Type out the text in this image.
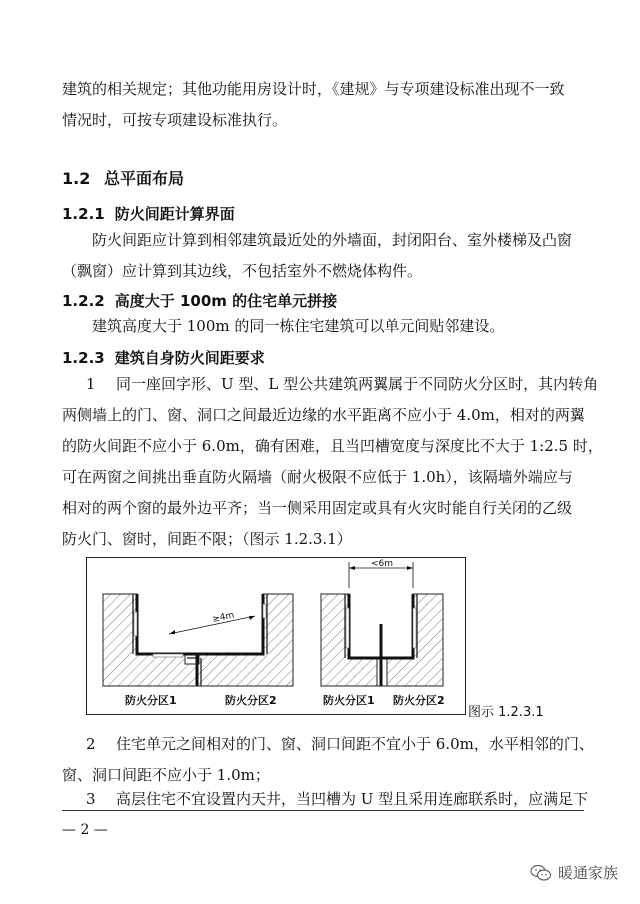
建筑的相关规定；其他功能用房设计时，《建规》与专项建设标准出现不一致
情况时，可按专项建设标准执行。

1.2 总平面布局
1.2.1 防火间距计算界面

防火间距应计算到相邻建筑最近处的外墙面，封闭阳台、室外楼梯及凸窗
（飘窗）应计算到其边线，不包括室外不燃烧体构件。

1.2.2 高度大于 100m 的住宅单元拼接

建筑高度大于 100m 的同一栋住宅建筑可以单元间贴邻建设。

1.2.3 建筑自身防火间距要求

1 同一座回字形、U 型、L 型公共建筑两翼属于不同防火分区时，其内转角
两侧墙上的门、窗、洞口之间最近边缘的水平距离不应小于 4.0m，相对的两翼
的防火间距不应小于 6.0m，确有困难，且当凹槽宽度与深度比不大于 1:2.5 时，
可在两窗之间挑出垂直防火隔墙（耐火极限不应低于 1.0h），该隔墙外端应与
相对的两个窗的最外边平齐；当一侧采用固定或具有火灾时能自行关闭的乙级
防火门、窗时，间距不限；（图示 1.2.3.1）

≥4m
防火分区1	防火分区2
<6m
防火分区1 防火分区2
图示 1.2.3.1

2 住宅单元之间相对的门、窗、洞口间距不宜小于 6.0m，水平相邻的门、
窗、洞口间距不应小于 1.0m；

3 高层住宅不宜设置内天井，当凹槽为 U 型且采用连廊联系时，应满足下

— 2 —
暖通家族
